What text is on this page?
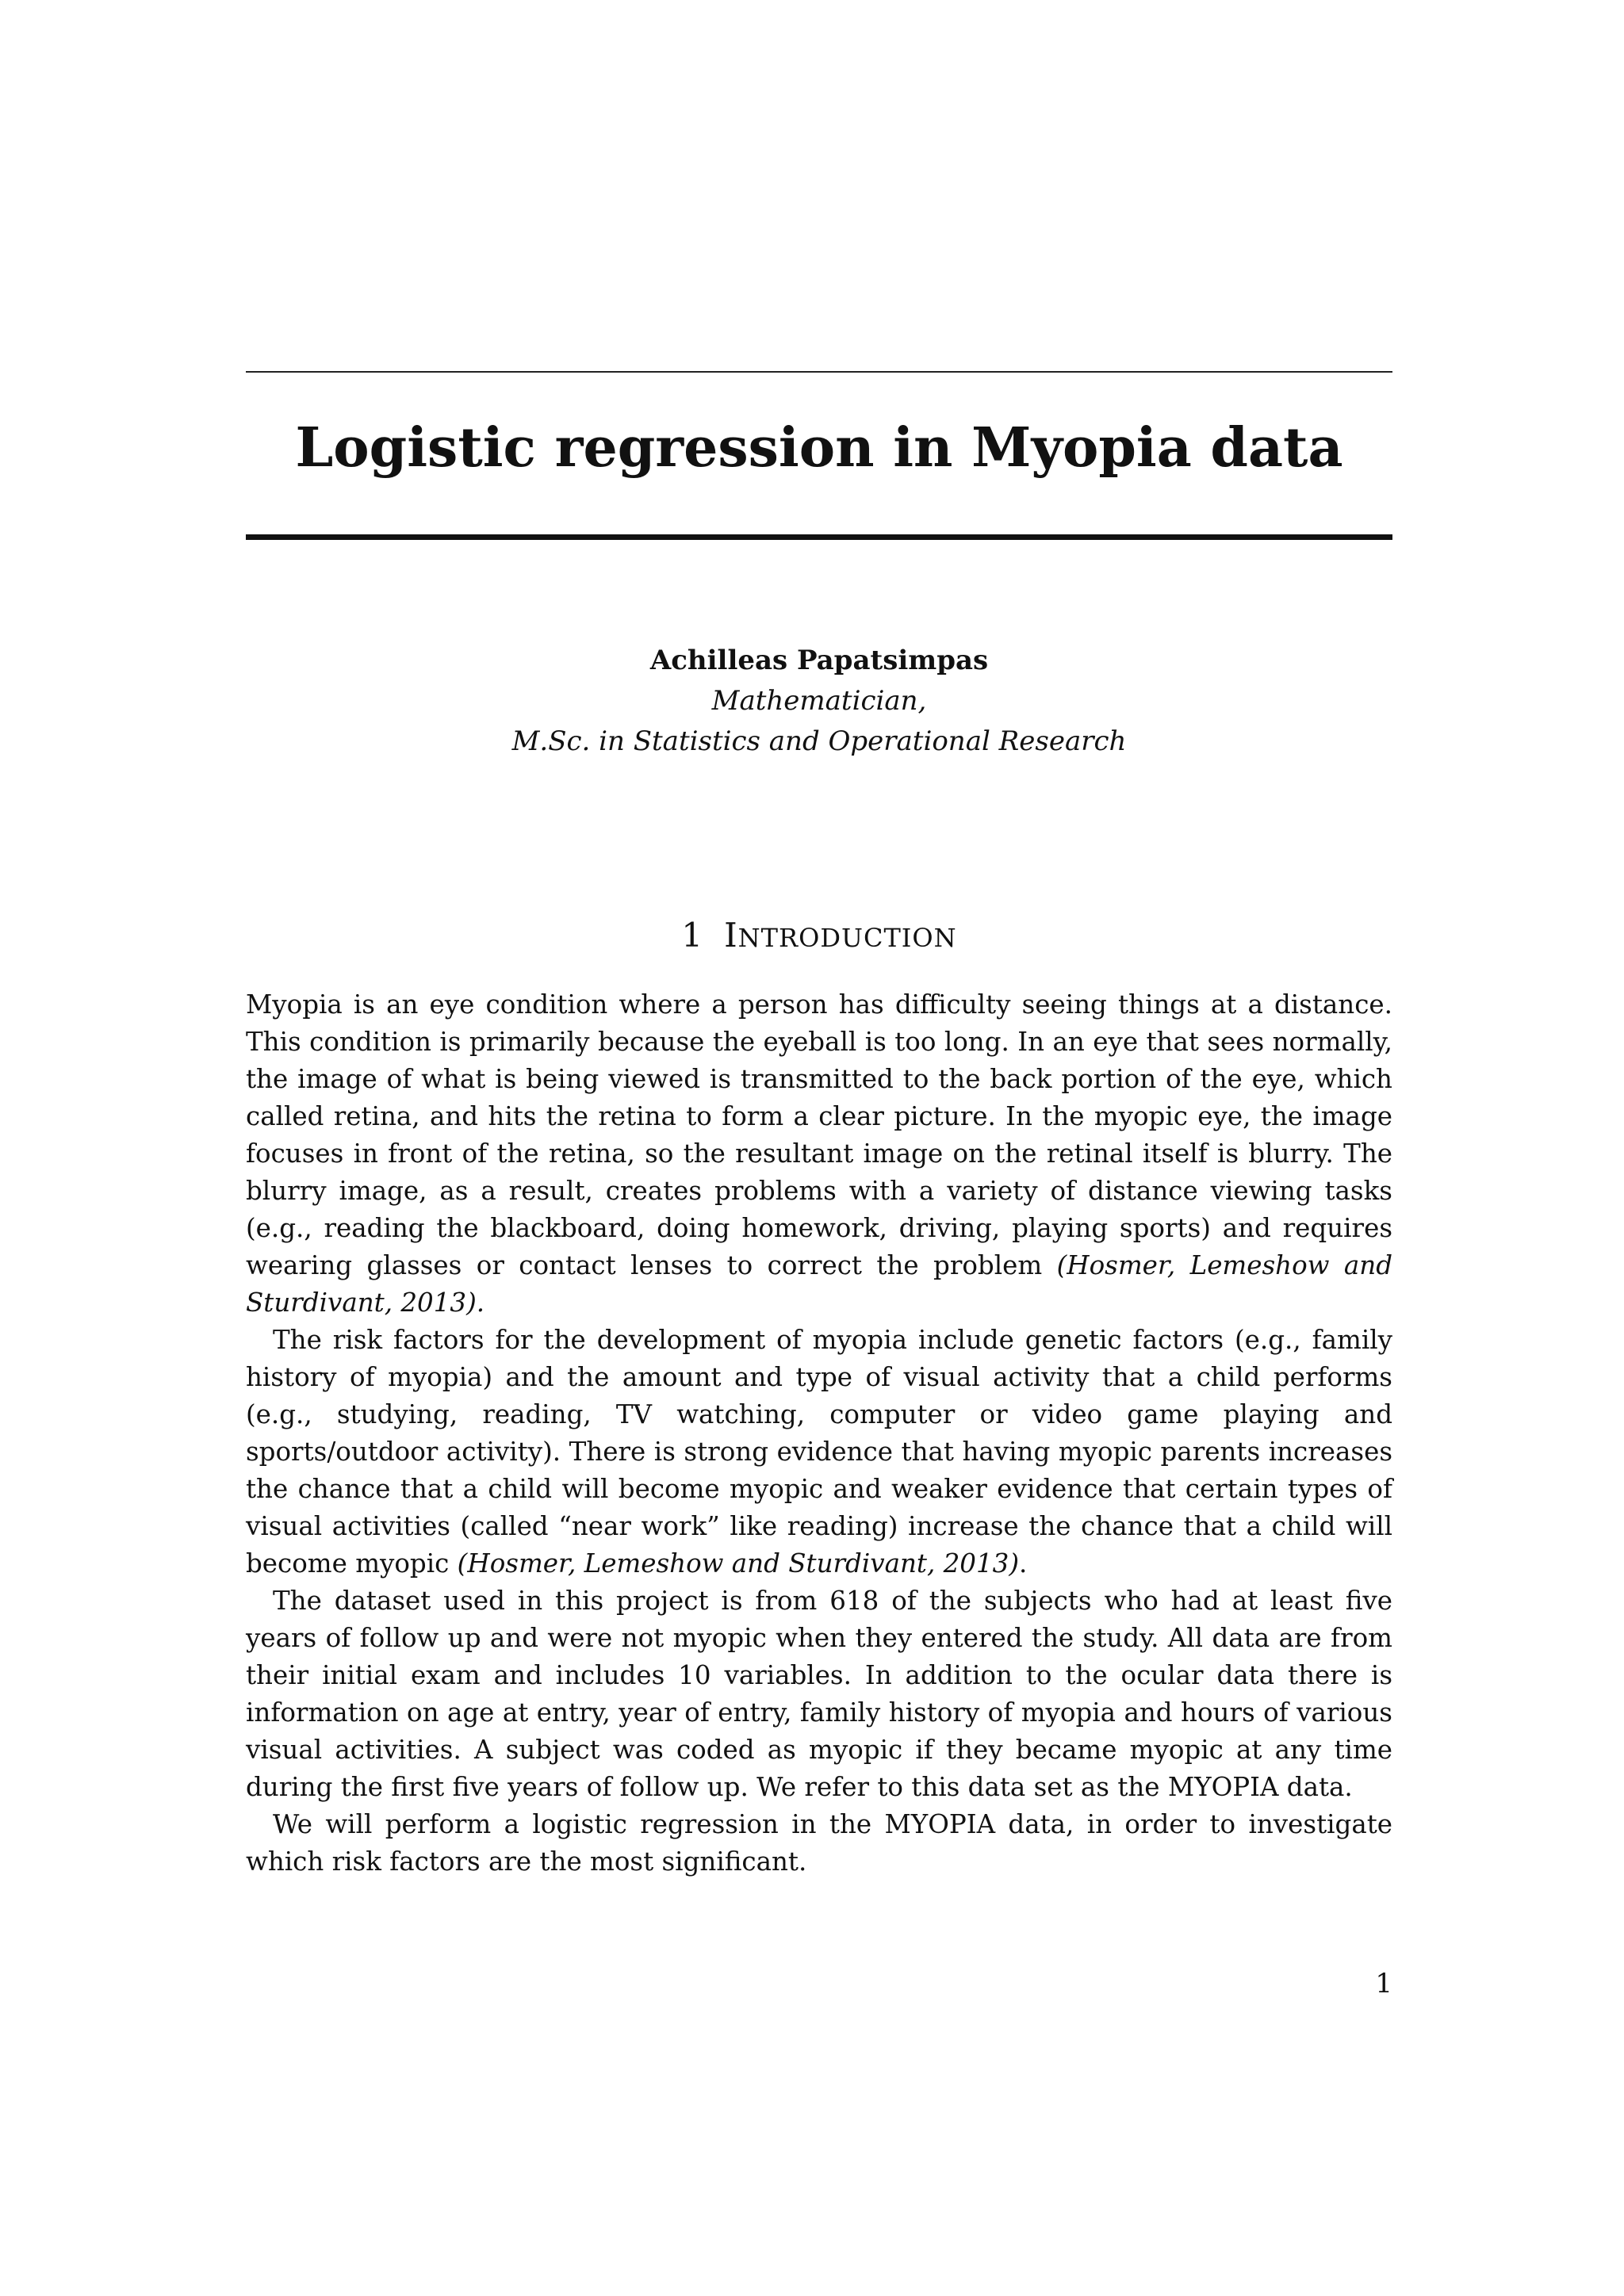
Logistic regression in Myopia data
Achilleas Papatsimpas
Mathematician,
M.Sc. in Statistics and Operational Research
1 INTRODUCTION

Myopia is an eye condition where a person has difficulty seeing things at a distance. This condition is primarily because the eyeball is too long. In an eye that sees normally, the image of what is being viewed is transmitted to the back portion of the eye, which called retina, and hits the retina to form a clear picture. In the myopic eye, the image focuses in front of the retina, so the resultant image on the retinal itself is blurry. The blurry image, as a result, creates problems with a variety of distance viewing tasks (e.g., reading the blackboard, doing homework, driving, playing sports) and requires wearing glasses or contact lenses to correct the problem (Hosmer, Lemeshow and Sturdivant, 2013).

The risk factors for the development of myopia include genetic factors (e.g., family history of myopia) and the amount and type of visual activity that a child performs (e.g., studying, reading, TV watching, computer or video game playing and sports/outdoor activity). There is strong evidence that having myopic parents increases the chance that a child will become myopic and weaker evidence that certain types of visual activities (called “near work” like reading) increase the chance that a child will become myopic (Hosmer, Lemeshow and Sturdivant, 2013).

The dataset used in this project is from 618 of the subjects who had at least five years of follow up and were not myopic when they entered the study. All data are from their initial exam and includes 10 variables. In addition to the ocular data there is information on age at entry, year of entry, family history of myopia and hours of various visual activities. A subject was coded as myopic if they became myopic at any time during the first five years of follow up. We refer to this data set as the MYOPIA data.

We will perform a logistic regression in the MYOPIA data, in order to investigate which risk factors are the most significant.

1
